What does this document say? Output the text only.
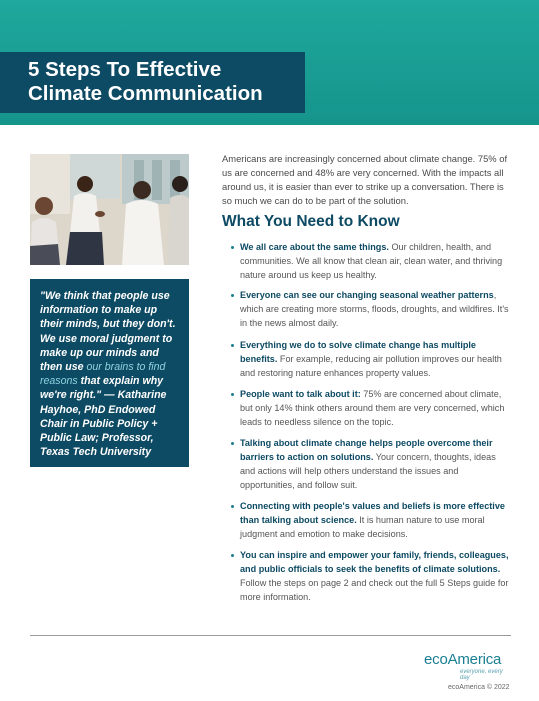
5 Steps To Effective
Climate Communication
"We think that people use information to make up their minds, but they don't. We use moral judgment to make up our minds and then use our brains to find reasons that explain why we're right." — Katharine Hayhoe, PhD Endowed Chair in Public Policy + Public Law; Professor, Texas Tech University

Americans are increasingly concerned about climate change. 75% of us are concerned and 48% are very concerned. With the impacts all around us, it is easier than ever to strike up a conversation. There is so much we can do to be part of the solution.

What You Need to Know
We all care about the same things. Our children, health, and communities. We all know that clean air, clean water, and thriving nature around us keep us healthy.
Everyone can see our changing seasonal weather patterns, which are creating more storms, floods, droughts, and wildfires. It's in the news almost daily.
Everything we do to solve climate change has multiple benefits. For example, reducing air pollution improves our health and restoring nature enhances property values.
People want to talk about it: 75% are concerned about climate, but only 14% think others around them are very concerned, which leads to needless silence on the topic.
Talking about climate change helps people overcome their barriers to action on solutions. Your concern, thoughts, ideas and actions will help others understand the issues and opportunities, and follow suit.
Connecting with people's values and beliefs is more effective than talking about science. It is human nature to use moral judgment and emotion to make decisions.
You can inspire and empower your family, friends, colleagues, and public officials to seek the benefits of climate solutions. Follow the steps on page 2 and check out the full 5 Steps guide for more information.
ecoAmerica
everyone, every day
ecoAmerica © 2022
